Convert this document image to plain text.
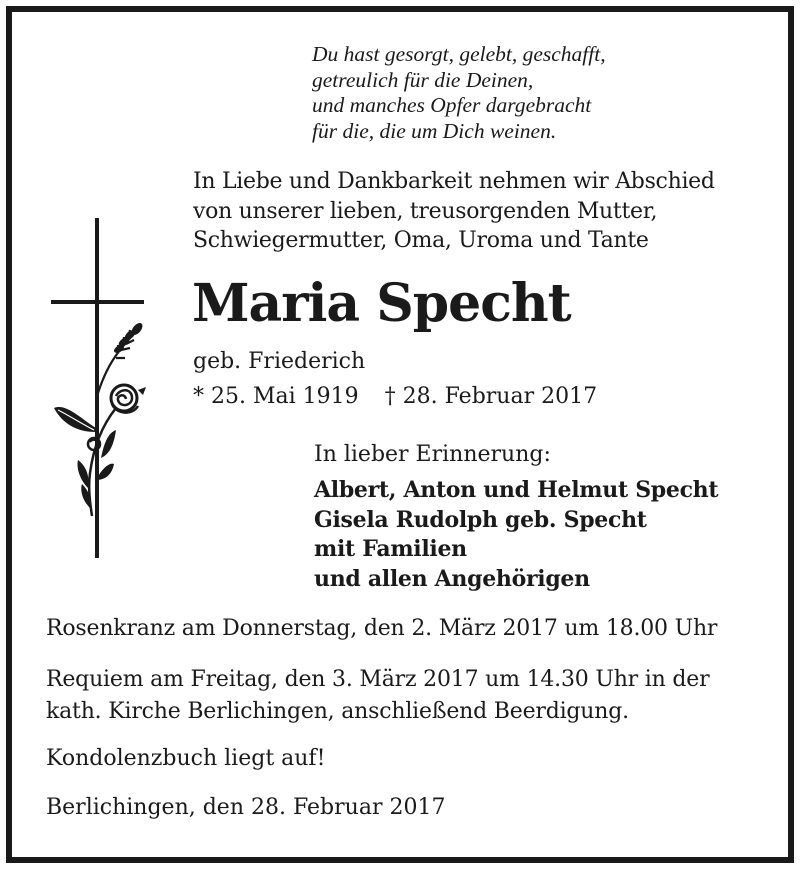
Du hast gesorgt, gelebt, geschafft,
getreulich für die Deinen,
und manches Opfer dargebracht
für die, die um Dich weinen.
In Liebe und Dankbarkeit nehmen wir Abschied
von unserer lieben, treusorgenden Mutter,
Schwiegermutter, Oma, Uroma und Tante
Maria Specht
geb. Friederich
* 25. Mai 1919 † 28. Februar 2017
In lieber Erinnerung:
Albert, Anton und Helmut Specht
Gisela Rudolph geb. Specht
mit Familien
und allen Angehörigen
Rosenkranz am Donnerstag, den 2. März 2017 um 18.00 Uhr
Requiem am Freitag, den 3. März 2017 um 14.30 Uhr in der
kath. Kirche Berlichingen, anschließend Beerdigung.
Kondolenzbuch liegt auf!
Berlichingen, den 28. Februar 2017
